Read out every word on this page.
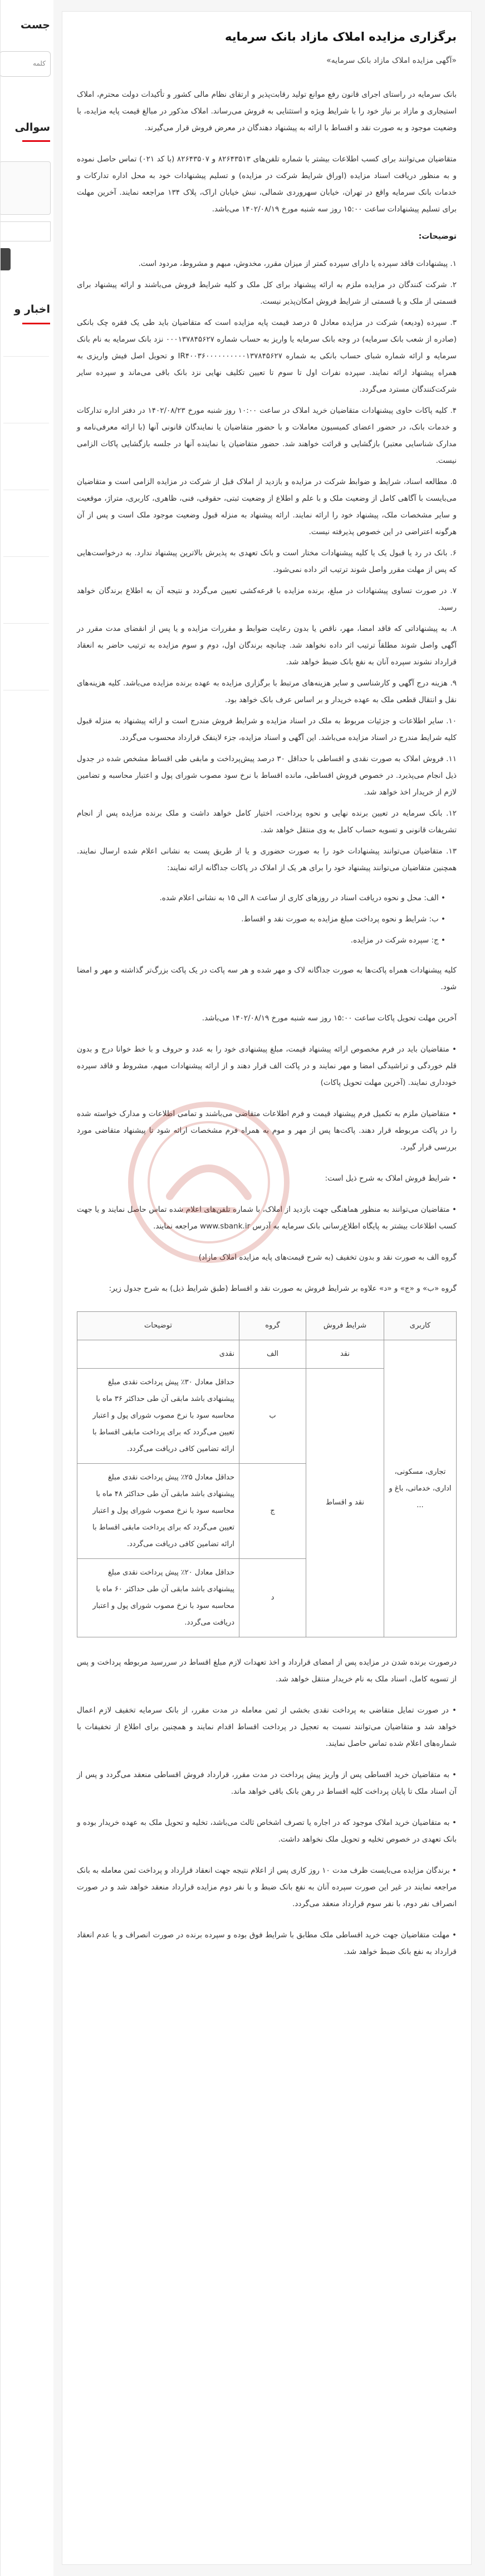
جست
کلمه
سوالی
اخبار و
برگزاری مزایده املاک مازاد بانک سرمایه

«آگهی مزایده املاک مازاد بانک سرمایه»

بانک سرمایه در راستای اجرای قانون رفع موانع تولید رقابت‌پذیر و ارتقای نظام مالی کشور و تأکیدات دولت محترم، املاک استیجاری و مازاد بر نیاز خود را با شرایط ویژه و استثنایی به فروش می‌رساند. املاک مذکور در مبالغ قیمت پایه مزایده، با وضعیت موجود و به صورت نقد و اقساط با ارائه به پیشنهاد دهندگان در معرض فروش قرار می‌گیرند.

متقاضیان می‌توانند برای کسب اطلاعات بیشتر با شماره تلفن‌های ۸۲۶۴۳۵۱۳ و ۸۲۶۴۳۵۰۷ (با کد ۰۲۱) تماس حاصل نموده و به منظور دریافت اسناد مزایده (اوراق شرایط شرکت در مزایده) و تسلیم پیشنهادات خود به محل اداره تدارکات و خدمات بانک سرمایه واقع در تهران، خیابان سهروردی شمالی، نبش خیابان اراک، پلاک ۱۳۴ مراجعه نمایند. آخرین مهلت برای تسلیم پیشنهادات ساعت ۱۵:۰۰ روز سه شنبه مورخ ۱۴۰۲/۰۸/۱۹ می‌باشد.

توضیحات:
۱. پیشنهادات فاقد سپرده یا دارای سپرده کمتر از میزان مقرر، مخدوش، مبهم و مشروط، مردود است.
۲. شرکت کنندگان در مزایده ملزم به ارائه پیشنهاد برای کل ملک و کلیه شرایط فروش می‌باشند و ارائه پیشنهاد برای قسمتی از ملک و یا قسمتی از شرایط فروش امکان‌پذیر نیست.
۳. سپرده (ودیعه) شرکت در مزایده معادل ۵ درصد قیمت پایه مزایده است که متقاضیان باید طی یک فقره چک بانکی (صادره از شعب بانک سرمایه) در وجه بانک سرمایه یا واریز به حساب شماره ۰۰۰۱۳۷۸۴۵۶۲۷ نزد بانک سرمایه به نام بانک سرمایه و ارائه شماره شبای حساب بانکی به شماره IR۴۰۰۳۶۰۰۰۰۰۰۰۰۰۰۱۳۷۸۴۵۶۲۷ و تحویل اصل فیش واریزی به همراه پیشنهاد ارائه نمایند. سپرده نفرات اول تا سوم تا تعیین تکلیف نهایی نزد بانک باقی می‌ماند و سپرده سایر شرکت‌کنندگان مسترد می‌گردد.
۴. کلیه پاکات حاوی پیشنهادات متقاضیان خرید املاک در ساعت ۱۰:۰۰ روز شنبه مورخ ۱۴۰۲/۰۸/۲۳ در دفتر اداره تدارکات و خدمات بانک، در حضور اعضای کمیسیون معاملات و با حضور متقاضیان یا نمایندگان قانونی آنها (با ارائه معرفی‌نامه و مدارک شناسایی معتبر) بازگشایی و قرائت خواهند شد. حضور متقاضیان یا نماینده آنها در جلسه بازگشایی پاکات الزامی نیست.
۵. مطالعه اسناد، شرایط و ضوابط شرکت در مزایده و بازدید از املاک قبل از شرکت در مزایده الزامی است و متقاضیان می‌بایست با آگاهی کامل از وضعیت ملک و با علم و اطلاع از وضعیت ثبتی، حقوقی، فنی، ظاهری، کاربری، متراژ، موقعیت و سایر مشخصات ملک، پیشنهاد خود را ارائه نمایند. ارائه پیشنهاد به منزله قبول وضعیت موجود ملک است و پس از آن هرگونه اعتراضی در این خصوص پذیرفته نیست.
۶. بانک در رد یا قبول یک یا کلیه پیشنهادات مختار است و بانک تعهدی به پذیرش بالاترین پیشنهاد ندارد. به درخواست‌هایی که پس از مهلت مقرر واصل شوند ترتیب اثر داده نمی‌شود.
۷. در صورت تساوی پیشنهادات در مبلغ، برنده مزایده با قرعه‌کشی تعیین می‌گردد و نتیجه آن به اطلاع برندگان خواهد رسید.
۸. به پیشنهاداتی که فاقد امضا، مهر، ناقص یا بدون رعایت ضوابط و مقررات مزایده و یا پس از انقضای مدت مقرر در آگهی واصل شوند مطلقاً ترتیب اثر داده نخواهد شد. چنانچه برندگان اول، دوم و سوم مزایده به ترتیب حاضر به انعقاد قرارداد نشوند سپرده آنان به نفع بانک ضبط خواهد شد.
۹. هزینه درج آگهی و کارشناسی و سایر هزینه‌های مرتبط با برگزاری مزایده به عهده برنده مزایده می‌باشد. کلیه هزینه‌های نقل و انتقال قطعی ملک به عهده خریدار و بر اساس عرف بانک خواهد بود.
۱۰. سایر اطلاعات و جزئیات مربوط به ملک در اسناد مزایده و شرایط فروش مندرج است و ارائه پیشنهاد به منزله قبول کلیه شرایط مندرج در اسناد مزایده می‌باشد. این آگهی و اسناد مزایده، جزء لاینفک قرارداد محسوب می‌گردد.
۱۱. فروش املاک به صورت نقدی و اقساطی با حداقل ۳۰ درصد پیش‌پرداخت و مابقی طی اقساط مشخص شده در جدول ذیل انجام می‌پذیرد. در خصوص فروش اقساطی، مانده اقساط با نرخ سود مصوب شورای پول و اعتبار محاسبه و تضامین لازم از خریدار اخذ خواهد شد.
۱۲. بانک سرمایه در تعیین برنده نهایی و نحوه پرداخت، اختیار کامل خواهد داشت و ملک برنده مزایده پس از انجام تشریفات قانونی و تسویه حساب کامل به وی منتقل خواهد شد.
۱۳. متقاضیان می‌توانند پیشنهادات خود را به صورت حضوری و یا از طریق پست به نشانی اعلام شده ارسال نمایند. همچنین متقاضیان می‌توانند پیشنهاد خود را برای هر یک از املاک در پاکات جداگانه ارائه نمایند:
• الف: محل و نحوه دریافت اسناد در روزهای کاری از ساعت ۸ الی ۱۵ به نشانی اعلام شده.
• ب: شرایط و نحوه پرداخت مبلغ مزایده به صورت نقد و اقساط.
• ج: سپرده شرکت در مزایده.

کلیه پیشنهادات همراه پاکت‌ها به صورت جداگانه لاک و مهر شده و هر سه پاکت در یک پاکت بزرگ‌تر گذاشته و مهر و امضا شود.

آخرین مهلت تحویل پاکات ساعت ۱۵:۰۰ روز سه شنبه مورخ ۱۴۰۲/۰۸/۱۹ می‌باشد.

• متقاضیان باید در فرم مخصوص ارائه پیشنهاد قیمت، مبلغ پیشنهادی خود را به عدد و حروف و با خط خوانا درج و بدون قلم خوردگی و تراشیدگی امضا و مهر نمایند و در پاکت الف قرار دهند و از ارائه پیشنهادات مبهم، مشروط و فاقد سپرده خودداری نمایند. (آخرین مهلت تحویل پاکات)

• متقاضیان ملزم به تکمیل فرم پیشنهاد قیمت و فرم اطلاعات متقاضی می‌باشند و تمامی اطلاعات و مدارک خواسته شده را در پاکت مربوطه قرار دهند. پاکت‌ها پس از مهر و موم به همراه فرم مشخصات ارائه شود تا پیشنهاد متقاضی مورد بررسی قرار گیرد.

• شرایط فروش املاک به شرح ذیل است:

• متقاضیان می‌توانند به منظور هماهنگی جهت بازدید از املاک، با شماره تلفن‌های اعلام شده تماس حاصل نمایند و یا جهت کسب اطلاعات بیشتر به پایگاه اطلاع‌رسانی بانک سرمایه به آدرس www.sbank.ir مراجعه نمایند.

گروه الف به صورت نقد و بدون تخفیف (به شرح قیمت‌های پایه مزایده املاک مازاد)

گروه «ب» و «ج» و «د» علاوه بر شرایط فروش به صورت نقد و اقساط (طبق شرایط ذیل) به شرح جدول زیر:

کاربری	شرایط فروش	گروه	توضیحات
تجاری، مسکونی، اداری، خدماتی، باغ و ...	نقد	الف	نقدی
	نقد و اقساط	ب	حداقل معادل ۳۰٪ پیش پرداخت نقدی مبلغ پیشنهادی باشد مابقی آن طی حداکثر ۳۶ ماه با محاسبه سود با نرخ مصوب شورای پول و اعتبار تعیین می‌گردد که برای پرداخت مابقی اقساط با ارائه تضامین کافی دریافت می‌گردد.
		ج	حداقل معادل ۲۵٪ پیش پرداخت نقدی مبلغ پیشنهادی باشد مابقی آن طی حداکثر ۴۸ ماه با محاسبه سود با نرخ مصوب شورای پول و اعتبار تعیین می‌گردد که برای پرداخت مابقی اقساط با ارائه تضامین کافی دریافت می‌گردد.
		د	حداقل معادل ۲۰٪ پیش پرداخت نقدی مبلغ پیشنهادی باشد مابقی آن طی حداکثر ۶۰ ماه با محاسبه سود با نرخ مصوب شورای پول و اعتبار دریافت می‌گردد.

درصورت برنده شدن در مزایده پس از امضای قرارداد و اخذ تعهدات لازم مبلغ اقساط در سررسید مربوطه پرداخت و پس از تسویه کامل، اسناد ملک به نام خریدار منتقل خواهد شد.

• در صورت تمایل متقاضی به پرداخت نقدی بخشی از ثمن معامله در مدت مقرر، از بانک سرمایه تخفیف لازم اعمال خواهد شد و متقاضیان می‌توانند نسبت به تعجیل در پرداخت اقساط اقدام نمایند و همچنین برای اطلاع از تخفیفات با شماره‌های اعلام شده تماس حاصل نمایند.

• به متقاضیان خرید اقساطی پس از واریز پیش پرداخت در مدت مقرر، قرارداد فروش اقساطی منعقد می‌گردد و پس از آن اسناد ملک تا پایان پرداخت کلیه اقساط در رهن بانک باقی خواهد ماند.

• به متقاضیان خرید املاک موجود که در اجاره یا تصرف اشخاص ثالث می‌باشد، تخلیه و تحویل ملک به عهده خریدار بوده و بانک تعهدی در خصوص تخلیه و تحویل ملک نخواهد داشت.

• برندگان مزایده می‌بایست ظرف مدت ۱۰ روز کاری پس از اعلام نتیجه جهت انعقاد قرارداد و پرداخت ثمن معامله به بانک مراجعه نمایند در غیر این صورت سپرده آنان به نفع بانک ضبط و با نفر دوم مزایده قرارداد منعقد خواهد شد و در صورت انصراف نفر دوم، با نفر سوم قرارداد منعقد می‌گردد.

• مهلت متقاضیان جهت خرید اقساطی ملک مطابق با شرایط فوق بوده و سپرده برنده در صورت انصراف و یا عدم انعقاد قرارداد به نفع بانک ضبط خواهد شد.
